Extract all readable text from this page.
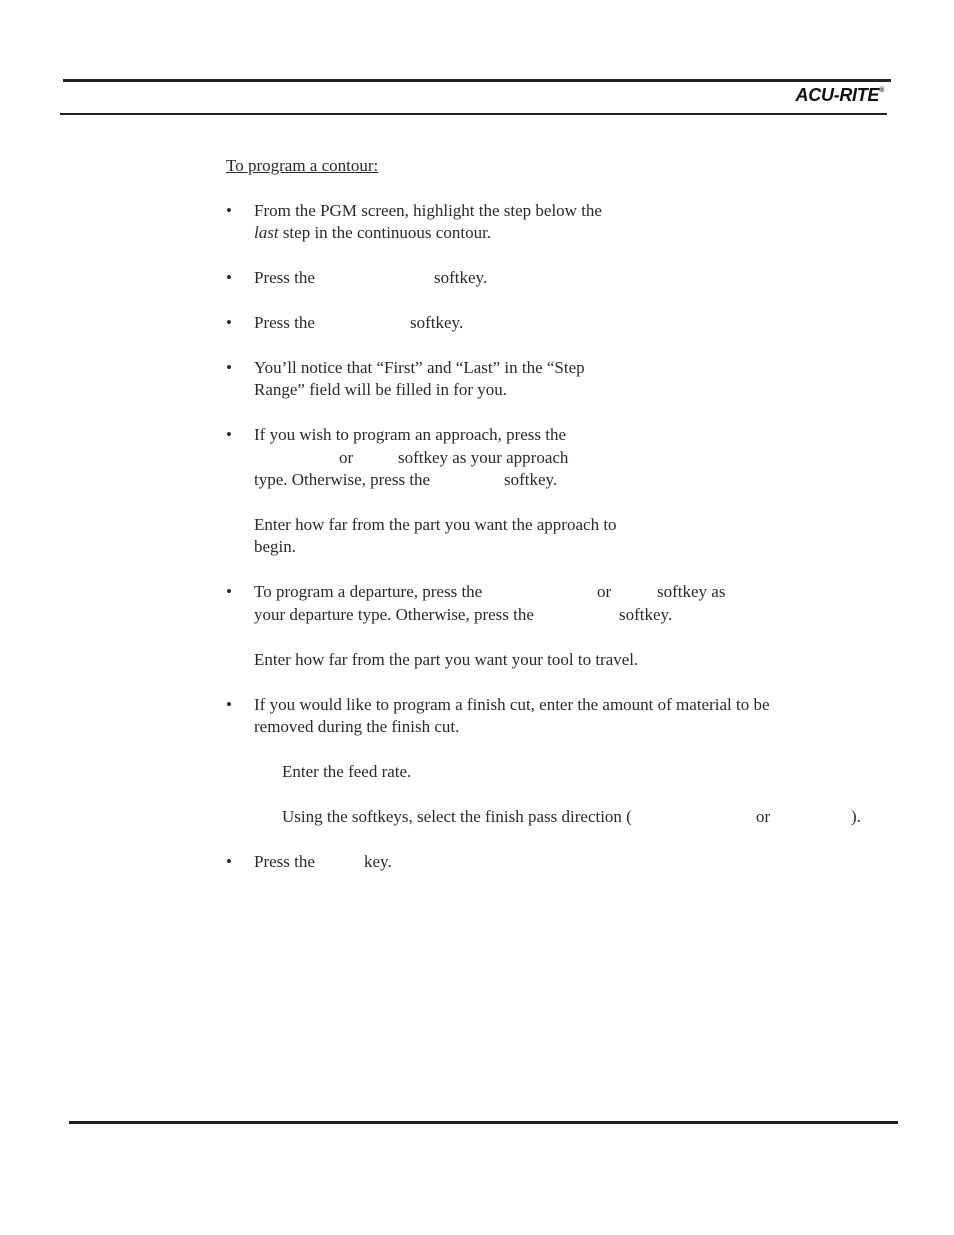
ACU-RITE®
To program a contour:
•	From the PGM screen, highlight the step below the
last step in the continuous contour.
•	Press the	softkey.
•	Press the	softkey.
•	You’ll notice that “First” and “Last” in the “Step
Range” field will be filled in for you.
•	If you wish to program an approach, press the
or	softkey as your approach
type. Otherwise, press the	softkey.
Enter how far from the part you want the approach to
begin.
•	To program a departure, press the	or	softkey as
your departure type. Otherwise, press the	softkey.
Enter how far from the part you want your tool to travel.
•	If you would like to program a finish cut, enter the amount of material to be
removed during the finish cut.
Enter the feed rate.
Using the softkeys, select the finish pass direction (	or	).
•	Press the	key.
